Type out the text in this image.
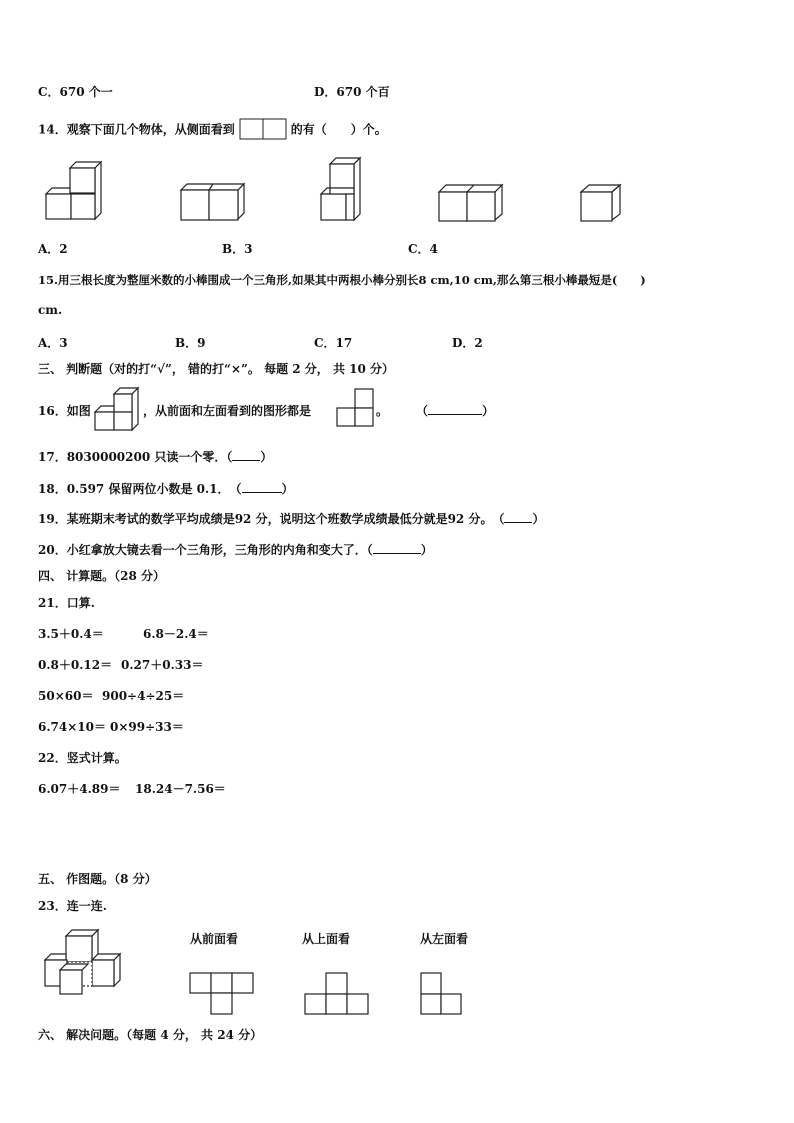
C．670 个一	D．670 个百
14．观察下面几个物体，从侧面看到	的有（　　）个。
A．2	B．3	C．4
15.用三根长度为整厘米数的小棒围成一个三角形,如果其中两根小棒分别长8 cm,10 cm,那么第三根小棒最短是(　　)
cm.
A．3	B．9	C．17	D．2
三、 判断题（对的打“√”， 错的打“×”。 每题 2 分， 共 10 分）
16．如图	，从前面和左面看到的图形都是	。 （	）
17．8030000200 只读一个零．（ ）
18．0.597 保留两位小数是 0.1．　（	）
19．某班期末考试的数学平均成绩是92 分，说明这个班数学成绩最低分就是92 分。　（ ）
20．小红拿放大镜去看一个三角形，三角形的内角和变大了．（	）
四、 计算题。（28 分）
21．口算.
3.5＋0.4＝	6.8－2.4＝
0.8＋0.12＝ 0.27＋0.33＝
50×60＝ 900÷4÷25＝
6.74×10＝ 0×99÷33＝
22．竖式计算。
6.07＋4.89＝ 18.24－7.56＝
五、 作图题。（8 分）
23．连一连.
从前面看	从上面看	从左面看
六、 解决问题。（每题 4 分， 共 24 分）
